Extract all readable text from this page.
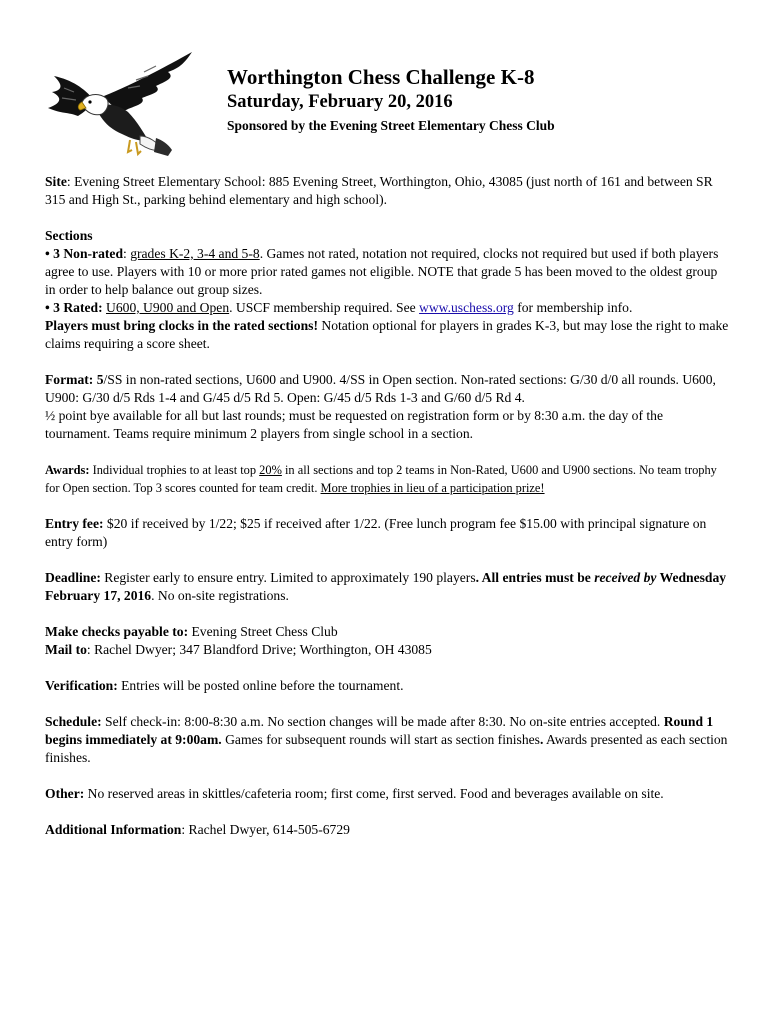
Worthington Chess Challenge K-8
Saturday, February 20, 2016
Sponsored by the Evening Street Elementary Chess Club

Site: Evening Street Elementary School: 885 Evening Street, Worthington, Ohio, 43085 (just north of 161 and between SR 315 and High St., parking behind elementary and high school).

Sections

• 3 Non-rated: grades K-2, 3-4 and 5-8. Games not rated, notation not required, clocks not required but used if both players agree to use. Players with 10 or more prior rated games not eligible. NOTE that grade 5 has been moved to the oldest group in order to help balance out group sizes.

• 3 Rated: U600, U900 and Open. USCF membership required. See www.uschess.org for membership info.

Players must bring clocks in the rated sections! Notation optional for players in grades K-3, but may lose the right to make claims requiring a score sheet.

Format: 5/SS in non-rated sections, U600 and U900. 4/SS in Open section. Non-rated sections: G/30 d/0 all rounds. U600, U900: G/30 d/5 Rds 1-4 and G/45 d/5 Rd 5. Open: G/45 d/5 Rds 1-3 and G/60 d/5 Rd 4.

½ point bye available for all but last rounds; must be requested on registration form or by 8:30 a.m. the day of the tournament. Teams require minimum 2 players from single school in a section.

Awards: Individual trophies to at least top 20% in all sections and top 2 teams in Non-Rated, U600 and U900 sections. No team trophy for Open section. Top 3 scores counted for team credit. More trophies in lieu of a participation prize!

Entry fee: $20 if received by 1/22; $25 if received after 1/22. (Free lunch program fee $15.00 with principal signature on entry form)

Deadline: Register early to ensure entry. Limited to approximately 190 players. All entries must be received by Wednesday February 17, 2016. No on-site registrations.

Make checks payable to: Evening Street Chess Club

Mail to: Rachel Dwyer; 347 Blandford Drive; Worthington, OH 43085

Verification: Entries will be posted online before the tournament.

Schedule: Self check-in: 8:00-8:30 a.m. No section changes will be made after 8:30. No on-site entries accepted. Round 1 begins immediately at 9:00am. Games for subsequent rounds will start as section finishes. Awards presented as each section finishes.

Other: No reserved areas in skittles/cafeteria room; first come, first served. Food and beverages available on site.

Additional Information: Rachel Dwyer, 614-505-6729
